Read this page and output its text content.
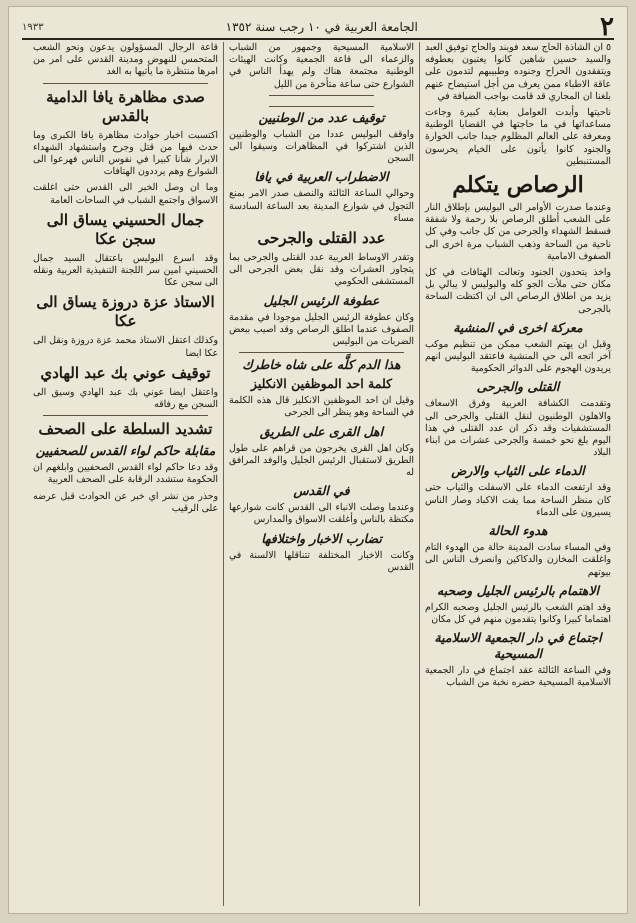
٢
الجامعة العربية في ١٠ رجب سنة ١٣٥٢
١٩٣٣

٥ ان الشاذة الحاج سعد فوبند والحاج توفيق العبد والسيد حسين شاهين كانوا يعتبون بعطوفه ويتفقدون الحراح وجنوده وطبيبهم لتدمون على عاقة الاطباء ممن يعرف من أجل استيضاح عنهم بلغنا ان المجاري قد قامت بواجب الضيافة في

ناحيتها وأبدت العوامل بعناية كبيرة وجاءت مساعداتها في ما حاجتها في القضايا الوطنية ومعرفة على العالم المظلوم جيدا جانب الخوارة والجنود كانوا يأتون على الخيام يحرسون المستنبطين

الرصاص يتكلم

وعندما صدرت الأوامر الى البوليس بإطلاق النار على الشعب أطلق الرصاص بلا رحمة ولا شفقة فسقط الشهداء والجرحى من كل جانب وفي كل ناحية من الساحة وذهب الشباب مرة اخرى الى الصفوف الامامية

واخذ يتحدون الجنود وتعالت الهتافات في كل مكان حتى ملأت الجو كله والبوليس لا يبالي بل يزيد من اطلاق الرصاص الى ان اكتظت الساحة بالجرحى

معركة اخرى في المنشية

وقبل ان يهتم الشعب ممكن من تنظيم موكب آخر اتجه الى حي المنشية فاعتقد البوليس انهم يريدون الهجوم على الدوائر الحكومية

القتلى والجرحى

وتقدمت الكشافة العربية وفرق الاسعاف والاهلون الوطنيون لنقل القتلى والجرحى الى المستشفيات وقد ذكر ان عدد القتلى في هذا اليوم بلغ نحو خمسة والجرحى عشرات من ابناء البلاد

الدماء على الثياب والارض

وقد ارتفعت الدماء على الاسفلت والثياب حتى كان منظر الساحة مما يفت الاكباد وصار الناس يسيرون على الدماء

هدوء الحالة

وفي المساء سادت المدينة حالة من الهدوء التام واغلقت المخازن والدكاكين وانصرف الناس الى بيوتهم

الاهتمام بالرئيس الجليل وصحبه

وقد اهتم الشعب بالرئيس الجليل وصحبه الكرام اهتماما كبيرا وكانوا يتقدمون منهم في كل مكان

اجتماع في دار الجمعية الاسلامية المسيحية

وفي الساعة الثالثة عقد اجتماع في دار الجمعية الاسلامية المسيحية حضره نخبة من الشباب

الاسلامية المسيحية وجمهور من الشباب والزعماء الى قاعة الجمعية وكانت الهيئات الوطنية مجتمعة هناك ولم يهدأ الناس في الشوارع حتى ساعة متأخرة من الليل

توقيف عدد من الوطنيين

واوقف البوليس عددا من الشباب والوطنيين الذين اشتركوا في المظاهرات وسيقوا الى السجن

الاضطراب العربية في يافا

وحوالي الساعة الثالثة والنصف صدر الامر بمنع التجول في شوارع المدينة بعد الساعة السادسة مساء

عدد القتلى والجرحى

وتقدر الاوساط العربية عدد القتلى والجرحى بما يتجاوز العشرات وقد نقل بعض الجرحى الى المستشفى الحكومي

عطوفة الرئيس الجليل

وكان عطوفة الرئيس الجليل موجودا في مقدمة الصفوف عندما اطلق الرصاص وقد اصيب ببعض الضربات من البوليس

هذا الدم كلَّه على شاه خاطرك
كلمة احد الموظفين الانكليز

وقيل ان احد الموظفين الانكليز قال هذه الكلمة في الساحة وهو ينظر الى الجرحى

اهل القرى على الطريق

وكان اهل القرى يخرجون من قراهم على طول الطريق لاستقبال الرئيس الجليل والوفد المرافق له

في القدس

وعندما وصلت الانباء الى القدس كانت شوارعها مكتظة بالناس وأغلقت الاسواق والمدارس

تضارب الاخبار واختلافها

وكانت الاخبار المختلفة تتناقلها الالسنة في القدس

قاعة الرجال المسؤولون يدعون ونحو الشعب المتحمس للنهوض ومدينة القدس على امر من امرها منتظرة ما يأتيها به الغد

صدى مظاهرة يافا الدامية بالقدس

اكتسبت اخبار حوادث مظاهرة يافا الكبرى وما حدث فيها من قتل وجرح واستشهاد الشهداء الابرار شأنا كبيرا في نفوس الناس فهرعوا الى الشوارع وهم يرددون الهتافات

وما ان وصل الخبر الى القدس حتى اغلقت الاسواق واجتمع الشباب في الساحات العامة

جمال الحسيني يساق الى سجن عكا

وقد اسرع البوليس باعتقال السيد جمال الحسيني امين سر اللجنة التنفيذية العربية ونقله الى سجن عكا

الاستاذ عزة دروزة يساق الى عكا

وكذلك اعتقل الاستاذ محمد عزة دروزة ونقل الى عكا ايضا

توقيف عوني بك عبد الهادي

واعتقل ايضا عوني بك عبد الهادي وسيق الى السجن مع رفاقه

تشديد السلطة على الصحف
مقابلة حاكم لواء القدس للصحفيين

وقد دعا حاكم لواء القدس الصحفيين وابلغهم ان الحكومة ستشدد الرقابة على الصحف العربية

وحذر من نشر اي خبر عن الحوادث قبل عرضه على الرقيب
